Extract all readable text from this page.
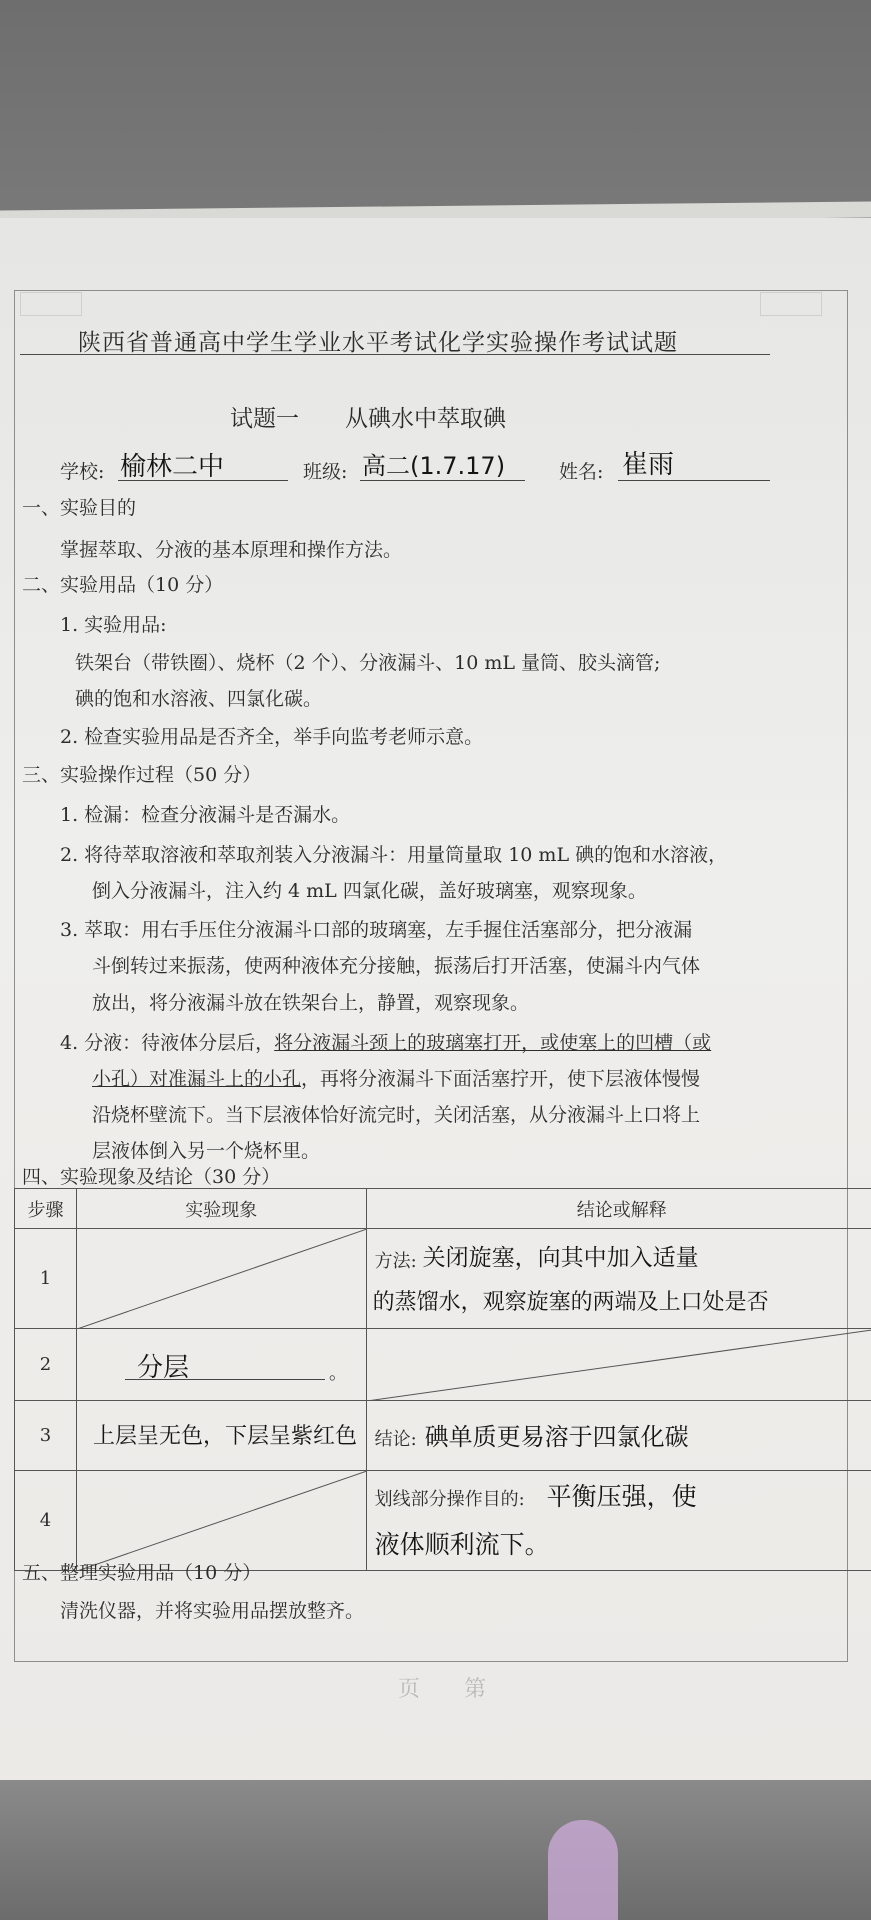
陕西省普通高中学生学业水平考试化学实验操作考试试题
试题一　　从碘水中萃取碘
学校: 榆林二中	班级: 高二(1.7.17)	姓名: 崔雨
一、实验目的
掌握萃取、分液的基本原理和操作方法。
二、实验用品（10 分）
1. 实验用品:
铁架台（带铁圈）、烧杯（2 个）、分液漏斗、10 mL 量筒、胶头滴管;
碘的饱和水溶液、四氯化碳。
2. 检查实验用品是否齐全，举手向监考老师示意。
三、实验操作过程（50 分）
1. 检漏：检查分液漏斗是否漏水。
2. 将待萃取溶液和萃取剂装入分液漏斗：用量筒量取 10 mL 碘的饱和水溶液，
倒入分液漏斗，注入约 4 mL 四氯化碳，盖好玻璃塞，观察现象。
3. 萃取：用右手压住分液漏斗口部的玻璃塞，左手握住活塞部分，把分液漏
斗倒转过来振荡，使两种液体充分接触，振荡后打开活塞，使漏斗内气体
放出，将分液漏斗放在铁架台上，静置，观察现象。
4. 分液：待液体分层后，将分液漏斗颈上的玻璃塞打开，或使塞上的凹槽（或
小孔）对准漏斗上的小孔，再将分液漏斗下面活塞拧开，使下层液体慢慢
沿烧杯壁流下。当下层液体恰好流完时，关闭活塞，从分液漏斗上口将上
层液体倒入另一个烧杯里。
四、实验现象及结论（30 分）
步骤	实验现象	结论或解释
1		方法: 关闭旋塞，向其中加入适量
的蒸馏水，观察旋塞的两端及上口处是否

2	分层 。

3	上层呈无色，下层呈紫红色	结论: 碘单质更易溶于四氯化碳

4		划线部分操作目的: 平衡压强，使
液体顺利流下。
五、整理实验用品（10 分）
清洗仪器，并将实验用品摆放整齐。
页　　第
